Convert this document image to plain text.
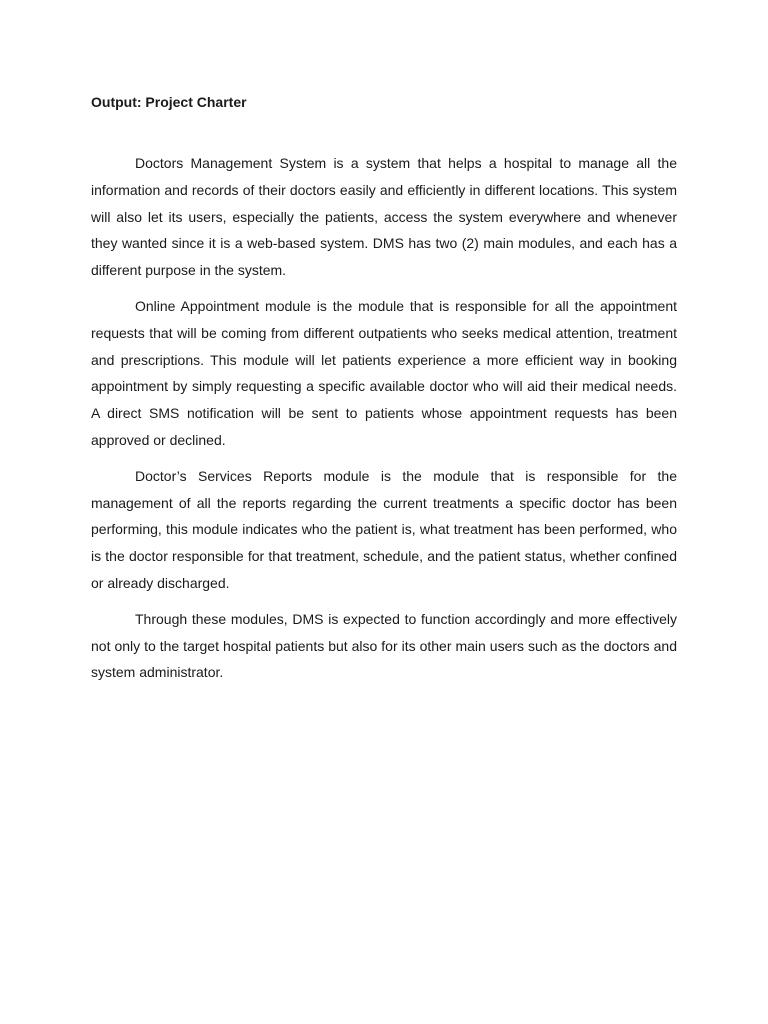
Output: Project Charter

Doctors Management System is a system that helps a hospital to manage all the information and records of their doctors easily and efficiently in different locations. This system will also let its users, especially the patients, access the system everywhere and whenever they wanted since it is a web-based system. DMS has two (2) main modules, and each has a different purpose in the system.

Online Appointment module is the module that is responsible for all the appointment requests that will be coming from different outpatients who seeks medical attention, treatment and prescriptions. This module will let patients experience a more efficient way in booking appointment by simply requesting a specific available doctor who will aid their medical needs. A direct SMS notification will be sent to patients whose appointment requests has been approved or declined.

Doctor’s Services Reports module is the module that is responsible for the management of all the reports regarding the current treatments a specific doctor has been performing, this module indicates who the patient is, what treatment has been performed, who is the doctor responsible for that treatment, schedule, and the patient status, whether confined or already discharged.

Through these modules, DMS is expected to function accordingly and more effectively not only to the target hospital patients but also for its other main users such as the doctors and system administrator.
